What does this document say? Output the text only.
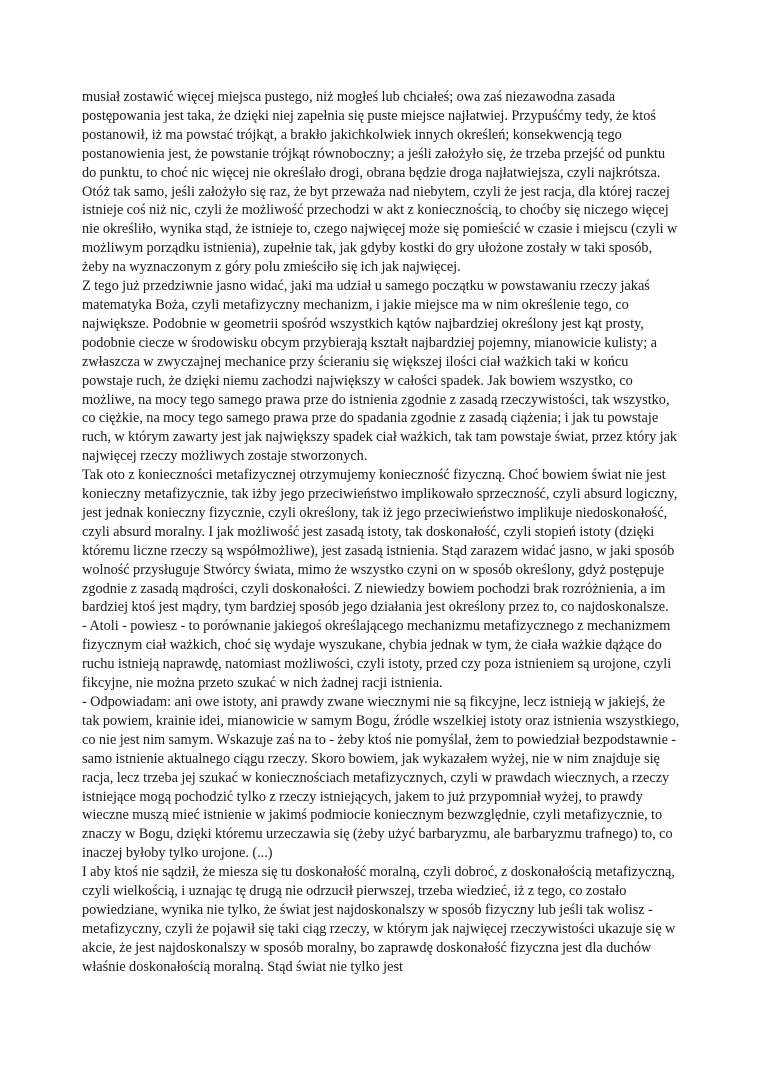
musiał zostawić więcej miejsca pustego, niż mogłeś lub chciałeś; owa zaś niezawodna zasada postępowania jest taka, że dzięki niej zapełnia się puste miejsce najłatwiej. Przypuśćmy tedy, że ktoś postanowił, iż ma powstać trójkąt, a brakło jakichkolwiek innych określeń; konsekwencją tego postanowienia jest, że powstanie trójkąt równoboczny; a jeśli założyło się, że trzeba przejść od punktu do punktu, to choć nic więcej nie określało drogi, obrana będzie droga najłatwiejsza, czyli najkrótsza. Otóż tak samo, jeśli założyło się raz, że byt przeważa nad niebytem, czyli że jest racja, dla której raczej istnieje coś niż nic, czyli że możliwość przechodzi w akt z koniecznością, to choćby się niczego więcej nie określiło, wynika stąd, że istnieje to, czego najwięcej może się pomieścić w czasie i miejscu (czyli w możliwym porządku istnienia), zupełnie tak, jak gdyby kostki do gry ułożone zostały w taki sposób, żeby na wyznaczonym z góry polu zmieściło się ich jak najwięcej.

Z tego już przedziwnie jasno widać, jaki ma udział u samego początku w powstawaniu rzeczy jakaś matematyka Boża, czyli metafizyczny mechanizm, i jakie miejsce ma w nim określenie tego, co największe. Podobnie w geometrii spośród wszystkich kątów najbardziej określony jest kąt prosty, podobnie ciecze w środowisku obcym przybierają kształt najbardziej pojemny, mianowicie kulisty; a zwłaszcza w zwyczajnej mechanice przy ścieraniu się większej ilości ciał ważkich taki w końcu powstaje ruch, że dzięki niemu zachodzi największy w całości spadek. Jak bowiem wszystko, co możliwe, na mocy tego samego prawa prze do istnienia zgodnie z zasadą rzeczywistości, tak wszystko, co ciężkie, na mocy tego samego prawa prze do spadania zgodnie z zasadą ciążenia; i jak tu powstaje ruch, w którym zawarty jest jak największy spadek ciał ważkich, tak tam powstaje świat, przez który jak najwięcej rzeczy możliwych zostaje stworzonych.

Tak oto z konieczności metafizycznej otrzymujemy konieczność fizyczną. Choć bowiem świat nie jest konieczny metafizycznie, tak iżby jego przeciwieństwo implikowało sprzeczność, czyli absurd logiczny, jest jednak konieczny fizycznie, czyli określony, tak iż jego przeciwieństwo implikuje niedoskonałość, czyli absurd moralny. I jak możliwość jest zasadą istoty, tak doskonałość, czyli stopień istoty (dzięki któremu liczne rzeczy są współmożliwe), jest zasadą istnienia. Stąd zarazem widać jasno, w jaki sposób wolność przysługuje Stwórcy świata, mimo że wszystko czyni on w sposób określony, gdyż postępuje zgodnie z zasadą mądrości, czyli doskonałości. Z niewiedzy bowiem pochodzi brak rozróżnienia, a im bardziej ktoś jest mądry, tym bardziej sposób jego działania jest określony przez to, co najdoskonalsze.

- Atoli - powiesz - to porównanie jakiegoś określającego mechanizmu metafizycznego z mechanizmem fizycznym ciał ważkich, choć się wydaje wyszukane, chybia jednak w tym, że ciała ważkie dążące do ruchu istnieją naprawdę, natomiast możliwości, czyli istoty, przed czy poza istnieniem są urojone, czyli fikcyjne, nie można przeto szukać w nich żadnej racji istnienia.

- Odpowiadam: ani owe istoty, ani prawdy zwane wiecznymi nie są fikcyjne, lecz istnieją w jakiejś, że tak powiem, krainie idei, mianowicie w samym Bogu, źródle wszelkiej istoty oraz istnienia wszystkiego, co nie jest nim samym. Wskazuje zaś na to - żeby ktoś nie pomyślał, żem to powiedział bezpodstawnie - samo istnienie aktualnego ciągu rzeczy. Skoro bowiem, jak wykazałem wyżej, nie w nim znajduje się racja, lecz trzeba jej szukać w koniecznościach metafizycznych, czyli w prawdach wiecznych, a rzeczy istniejące mogą pochodzić tylko z rzeczy istniejących, jakem to już przypomniał wyżej, to prawdy wieczne muszą mieć istnienie w jakimś podmiocie koniecznym bezwzględnie, czyli metafizycznie, to znaczy w Bogu, dzięki któremu urzeczawia się (żeby użyć barbaryzmu, ale barbaryzmu trafnego) to, co inaczej byłoby tylko urojone. (...)

I aby ktoś nie sądził, że miesza się tu doskonałość moralną, czyli dobroć, z doskonałością metafizyczną, czyli wielkością, i uznając tę drugą nie odrzucił pierwszej, trzeba wiedzieć, iż z tego, co zostało powiedziane, wynika nie tylko, że świat jest najdoskonalszy w sposób fizyczny lub jeśli tak wolisz - metafizyczny, czyli że pojawił się taki ciąg rzeczy, w którym jak najwięcej rzeczywistości ukazuje się w akcie, że jest najdoskonalszy w sposób moralny, bo zaprawdę doskonałość fizyczna jest dla duchów właśnie doskonałością moralną. Stąd świat nie tylko jest
